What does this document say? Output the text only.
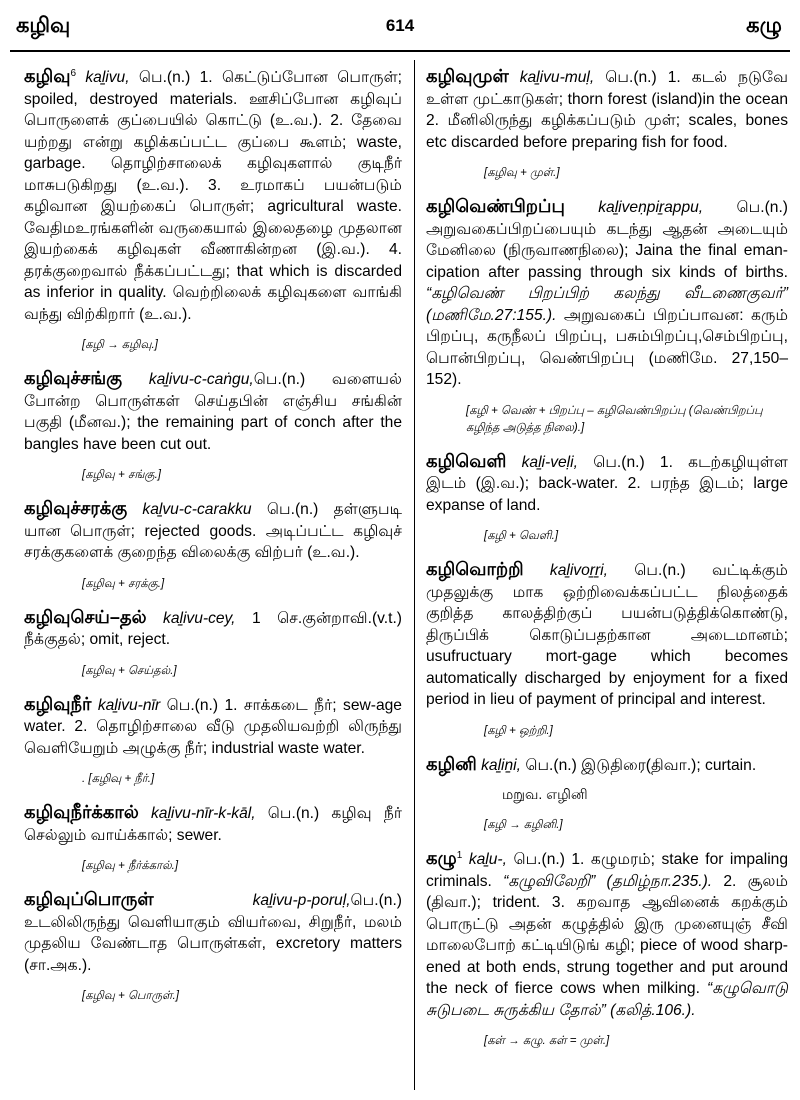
கழிவு	614	கழு

கழிவு$^6$ kaḻivu, பெ.(n.) 1. கெட்டுப்போன பொருள்; spoiled, destroyed materials. ஊசிப்போன கழிவுப் பொருளைக் குப்பையில் கொட்டு (உ.வ.). 2. தேவை யற்றது என்று கழிக்கப்பட்ட குப்பை கூளம்; waste, garbage. தொழிற்சாலைக் கழிவுகளால் குடிநீர் மாசுபடுகிறது (உ.வ.). 3. உரமாகப் பயன்படும் கழிவான இயற்கைப் பொருள்; agricultural waste. வேதிமஉரங்களின் வருகையால் இலைதழை முதலான இயற்கைக் கழிவுகள் வீணாகின்றன (இ.வ.). 4. தரக்குறைவால் நீக்கப்பட்டது; that which is discarded as inferior in quality. வெற்றிலைக் கழிவுகளை வாங்கி வந்து விற்கிறார் (உ.வ.).

[கழி → கழிவு.]

கழிவுச்சங்கு kaḻivu-c-caṅgu,பெ.(n.) வளையல் போன்ற பொருள்கள் செய்தபின் எஞ்சிய சங்கின் பகுதி (மீனவ.); the remaining part of conch after the bangles have been cut out.

[கழிவு + சங்கு.]

கழிவுச்சரக்கு kaḻvu-c-carakku பெ.(n.) தள்ளுபடி யான பொருள்; rejected goods. அடிப்பட்ட கழிவுச் சரக்குகளைக் குறைந்த விலைக்கு விற்பர் (உ.வ.).

[கழிவு + சரக்கு.]

கழிவுசெய்–தல் kaḻivu-cey, 1 செ.குன்றாவி.(v.t.) நீக்குதல்; omit, reject.

[கழிவு + செய்தல்.]

கழிவுநீர் kaḻivu-nīr பெ.(n.) 1. சாக்கடை நீர்; sew-age water. 2. தொழிற்சாலை வீடு முதலியவற்றி லிருந்து வெளியேறும் அழுக்கு நீர்; industrial waste water.

. [கழிவு + நீர்.]

கழிவுநீர்க்கால் kaḻivu-nīr-k-kāl, பெ.(n.) கழிவு நீர் செல்லும் வாய்க்கால்; sewer.

[கழிவு + நீர்க்கால்.]

கழிவுப்பொருள்	kaḻivu-p-poruḷ,பெ.(n.) உடலிலிருந்து வெளியாகும் வியர்வை, சிறுநீர், மலம் முதலிய வேண்டாத பொருள்கள், excretory matters (சா.அக.).

[கழிவு + பொருள்.]

கழிவுமுள் kaḻivu-muḷ, பெ.(n.) 1. கடல் நடுவே உள்ள முட்காடுகள்; thorn forest (island)in the ocean 2. மீனிலிருந்து கழிக்கப்படும் முள்; scales, bones etc discarded before preparing fish for food.

[கழிவு + முள்.]

கழிவெண்பிறப்பு kaḻiveṇpiṟappu, பெ.(n.) அறுவகைப்பிறப்பையும் கடந்து ஆதன் அடையும் மேனிலை (நிருவாணநிலை); Jaina the final eman-cipation after passing through six kinds of births. “கழிவெண் பிறப்பிற் கலந்து வீடணைகுவர்” (மணிமே.27:155.). அறுவகைப் பிறப்பாவன: கரும் பிறப்பு, கருநீலப் பிறப்பு, பசும்பிறப்பு,செம்பிறப்பு, பொன்பிறப்பு, வெண்பிறப்பு (மணிமே. 27,150–152).

[கழி + வெண் + பிறப்பு – கழிவெண்பிறப்பு (வெண்பிறப்பு கழிந்த அடுத்த நிலை).]

கழிவெளி kaḻi-veḷi, பெ.(n.) 1. கடற்கழியுள்ள இடம் (இ.வ.); back-water. 2. பரந்த இடம்; large expanse of land.

[கழி + வெளி.]

கழிவொற்றி kaḻivoṟṟi, பெ.(n.) வட்டிக்கும் முதலுக்கு மாக ஒற்றிவைக்கப்பட்ட நிலத்தைக் குறித்த காலத்திற்குப் பயன்படுத்திக்கொண்டு, திருப்பிக் கொடுப்பதற்கான அடைமானம்; usufructuary mort-gage which becomes automatically discharged by enjoyment for a fixed period in lieu of payment of principal and interest.

[கழி + ஒற்றி.]

கழினி kaḻiṉi, பெ.(n.) இடுதிரை(திவா.); curtain.

மறுவ. எழினி
[கழி → கழினி.]

கழு$^1$ kaḻu-, பெ.(n.) 1. கழுமரம்; stake for impaling criminals. “கழுவிலேறி” (தமிழ்நா.235.). 2. சூலம் (திவா.); trident. 3. கறவாத ஆவினைக் கறக்கும் பொருட்டு அதன் கழுத்தில் இரு முனையுஞ் சீவி மாலைபோற் கட்டியிடுங் கழி; piece of wood sharp-ened at both ends, strung together and put around the neck of fierce cows when milking. “கழுவொடு சுடுபடை சுருக்கிய தோல்” (கலித்.106.).

[கள் → கழு. கள் = முள்.]
